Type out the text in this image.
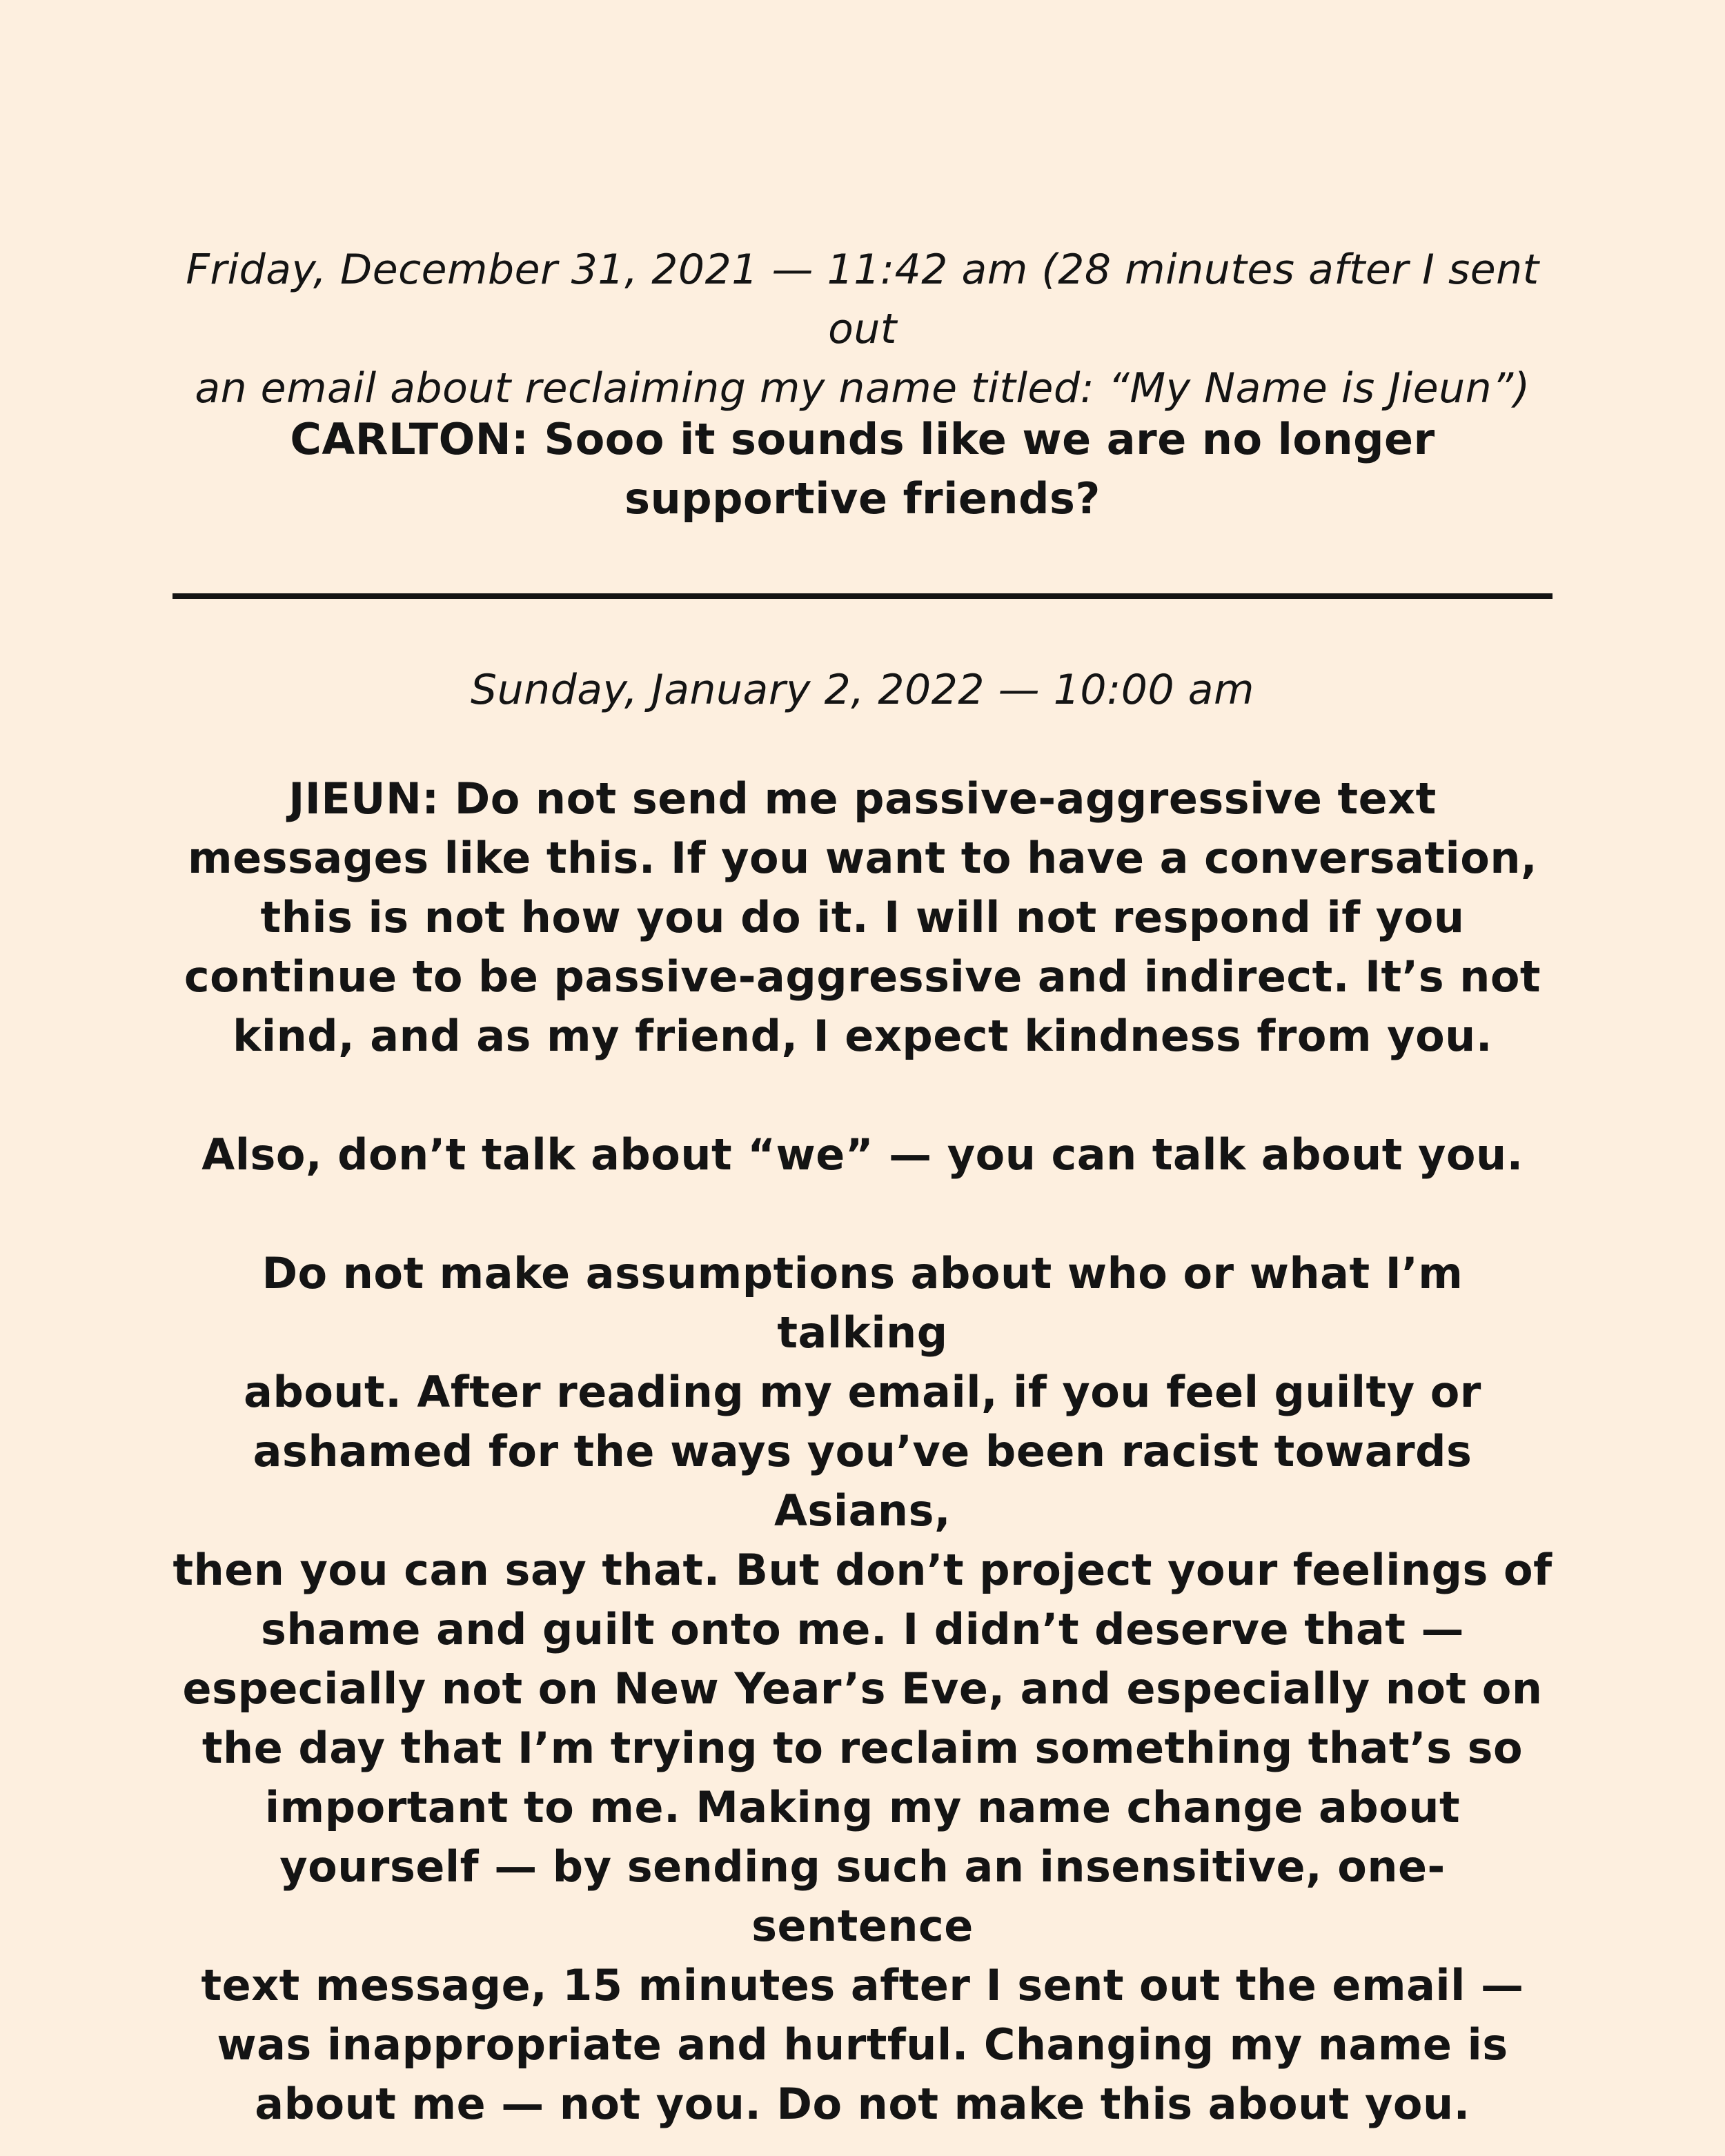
Friday, December 31, 2021 — 11:42 am (28 minutes after I sent out
an email about reclaiming my name titled: “My Name is Jieun”)
CARLTON: Sooo it sounds like we are no longer
supportive friends?
Sunday, January 2, 2022 — 10:00 am
JIEUN: Do not send me passive-aggressive text
messages like this. If you want to have a conversation,
this is not how you do it. I will not respond if you
continue to be passive-aggressive and indirect. It’s not
kind, and as my friend, I expect kindness from you.
Also, don’t talk about “we” — you can talk about you.
Do not make assumptions about who or what I’m talking
about. After reading my email, if you feel guilty or
ashamed for the ways you’ve been racist towards Asians,
then you can say that. But don’t project your feelings of
shame and guilt onto me. I didn’t deserve that —
especially not on New Year’s Eve, and especially not on
the day that I’m trying to reclaim something that’s so
important to me. Making my name change about
yourself — by sending such an insensitive, one-sentence
text message, 15 minutes after I sent out the email —
was inappropriate and hurtful. Changing my name is
about me — not you. Do not make this about you.
